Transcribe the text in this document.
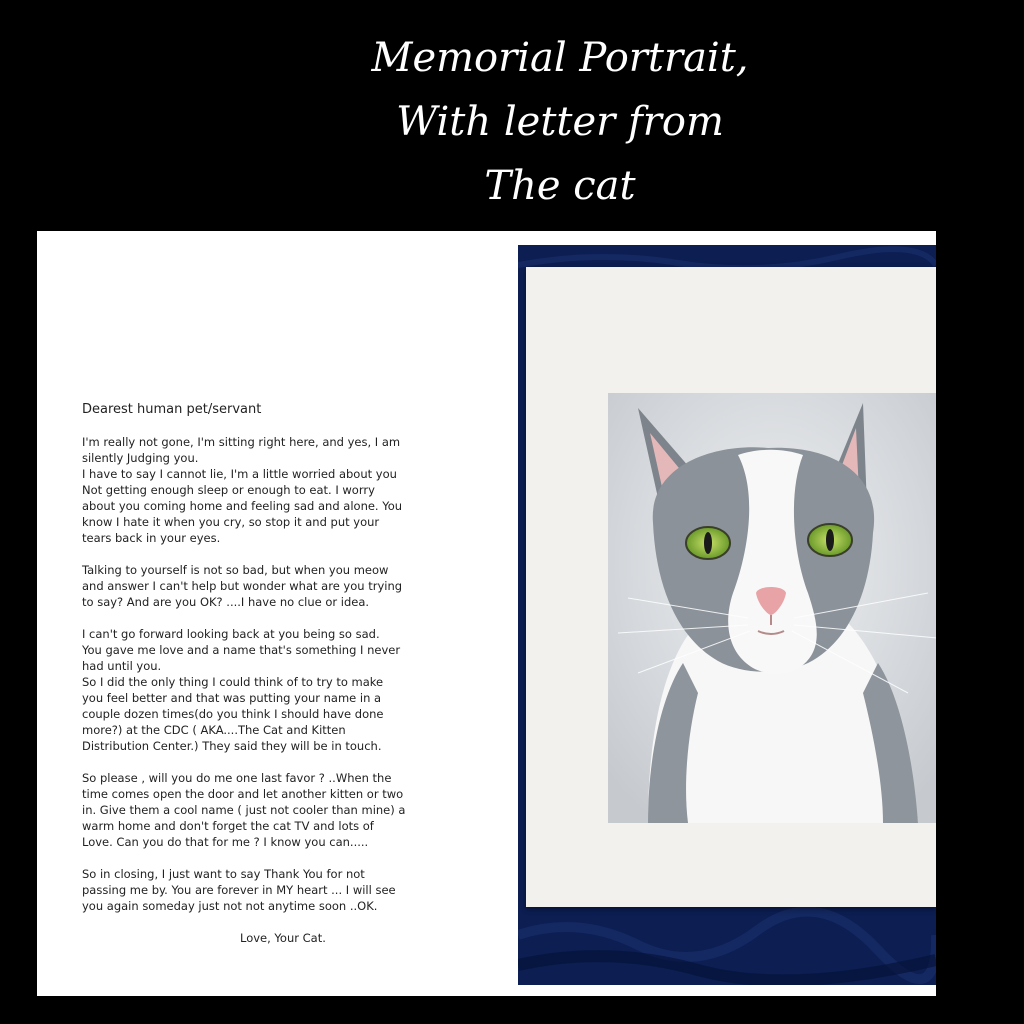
Memorial Portrait,
With letter from
The cat
Dearest human pet/servant
I'm really not gone, I'm sitting right here, and yes, I am
silently Judging you.
I have to say I cannot lie, I'm a little worried about you
Not getting enough sleep or enough to eat. I worry
about you coming home and feeling sad and alone. You
know I hate it when you cry, so stop it and put your
tears back in your eyes.
Talking to yourself is not so bad, but when you meow
and answer I can't help but wonder what are you trying
to say? And are you OK? ....I have no clue or idea.
I can't go forward looking back at you being so sad.
You gave me love and a name that's something I never
had until you.
So I did the only thing I could think of to try to make
you feel better and that was putting your name in a
couple dozen times(do you think I should have done
more?) at the CDC ( AKA....The Cat and Kitten
Distribution Center.) They said they will be in touch.
So please , will you do me one last favor ? ..When the
time comes open the door and let another kitten or two
in. Give them a cool name ( just not cooler than mine) a
warm home and don't forget the cat TV and lots of
Love. Can you do that for me ? I know you can.....
So in closing, I just want to say Thank You for not
passing me by. You are forever in MY heart ... I will see
you again someday just not not anytime soon ..OK.
Love, Your Cat.
